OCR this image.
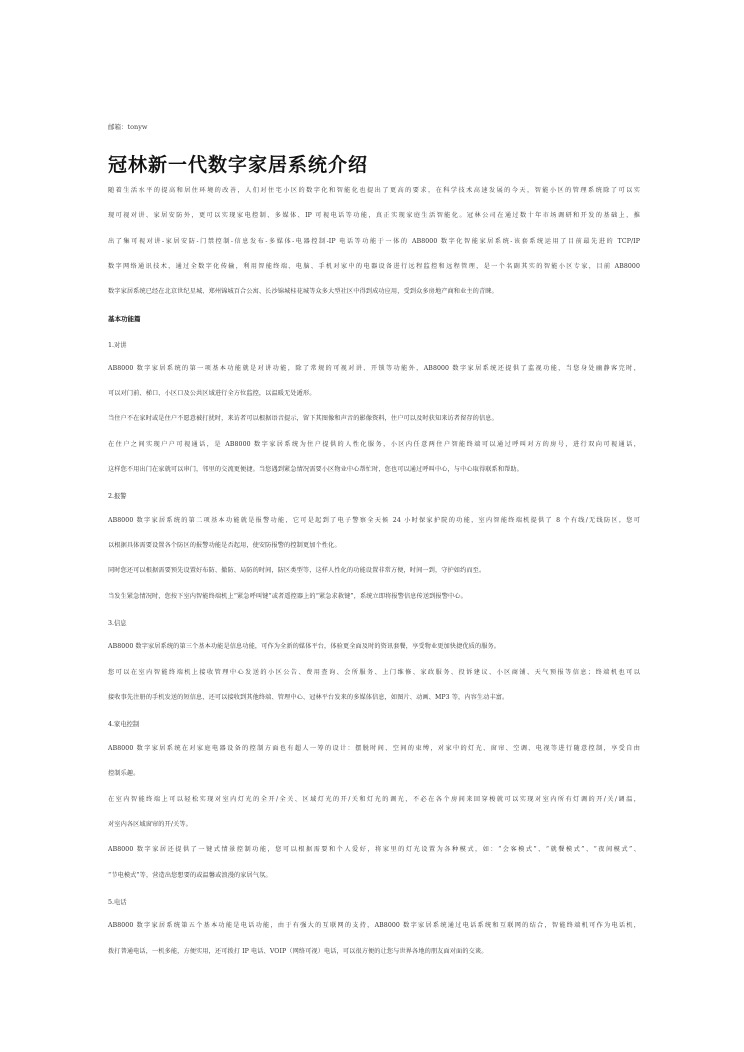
邮箱：tonyw
冠林新一代数字家居系统介绍
随着生活水平的提高和居住环境的改善，人们对住宅小区的数字化和智能化也提出了更高的要求，在科学技术高速发展的今天，智能小区的管理系统除了可以实
现可视对讲、家居安防外，更可以实现家电控制、多媒体、IP 可视电话等功能，真正实现家庭生活智能化。冠林公司在通过数十年市场调研和开发的基础上，推
出了集可视对讲-家居安防-门禁控制-信息发布-多媒体-电器控制-IP 电话等功能于一体的 AB8000 数字化智能家居系统-该套系统运用了目前最先进的 TCP/IP
数字网络通讯技术，通过全数字化传输，利用智能终端、电脑、手机对家中的电器设备进行远程监控和远程管理，是一个名副其实的智能小区专家，目前 AB8000
数字家居系统已经在北京世纪星城、郑州锦城百合公寓、长沙锦城桂花城等众多大型社区中得到成功应用，受到众多房地产商和业主的青睐。
基本功能篇
1.对讲
AB8000 数字家居系统的第一项基本功能就是对讲功能，除了常规的可视对讲、开锁等功能外，AB8000 数字家居系统还提供了监视功能，当您身处幽静客完时，
可以对门前、梯口、小区口及公共区域进行全方位监控，以温暖无处遁形。
当住户不在家时或是住户不愿意被打扰时，来访者可以根据语音提示，留下其图像和声音的影像资料，住户可以及时获知来访者留存的信息。
在住户之间实现户户可视通话，是 AB8000 数字家居系统为住户提供的人性化服务，小区内任意两住户智能终端可以通过呼叫对方的房号，进行双向可视通话，
这样您不用出门在家就可以串门，邻里的交流更便捷。当您遇到紧急情况需要小区物业中心帮忙时，您也可以通过呼叫中心，与中心取得联系和帮助。
2.报警
AB8000 数字家居系统的第二项基本功能就是报警功能，它可是起到了电子警察全天候 24 小时保家护院的功能，室内智能终端机提供了 8 个有线/无线防区，您可
以根据具体需要设置各个防区的报警功能是否起用，使安防报警的控制更加个性化。
同时您还可以根据需要预先设置好布防、撤防、局防的时间，防区类型等，这样人性化的功能设置非常方便，时间一到，守护如约而至。
当发生紧急情况时，您按下室内智能终端机上“紧急呼叫键”或者遥控器上的“紧急求救键”，系统立即将报警信息传送到报警中心。
3.信息
AB8000 数字家居系统的第三个基本功能是信息功能，可作为全新的媒体平台，体验更全面及时的资讯套餐，享受物业更加快捷优质的服务。
您可以在室内智能终端机上接收管理中心发送的小区公告、费用查询、会所服务、上门维修、家政服务、投诉建议、小区商铺、天气预报等信息；终端机也可以
接收事先注册的手机发送的短信息，还可以接收到其他终端、管理中心、冠林平台发来的多媒体信息，如图片、动画、MP3 等，内容生动丰富。
4.家电控制
AB8000 数字家居系统在对家庭电器设备的控制方面也有超人一筹的设计：摆脱时间、空间的束缚，对家中的灯光、窗帘、空调、电视等进行随意控制，享受自由
控制乐趣。
在室内智能终端上可以轻松实现对室内灯光的全开/全关、区域灯光的开/关和灯光的调光，不必在各个房间来回穿梭就可以实现对室内所有灯调的开/关/调温，
对室内各区域窗帘的开/关等。
AB8000 数字家居还提供了一键式情景控制功能，您可以根据需要和个人爱好，将家里的灯光设置为各种模式，如：“会客模式”、“就餐模式”、“夜间模式”、
“节电模式”等，营造出您想要的或温馨或浪漫的家居气氛。
5.电话
AB8000 数字家居系统第五个基本功能是电话功能，由于有强大的互联网的支持，AB8000 数字家居系统通过电话系统和互联网的结合，智能终端机可作为电话机，
拨打普通电话，一机多能，方便实用，还可拨打 IP 电话、VOIP（网络可视）电话，可以很方便的让您与世界各地的朋友面对面的交谈。
